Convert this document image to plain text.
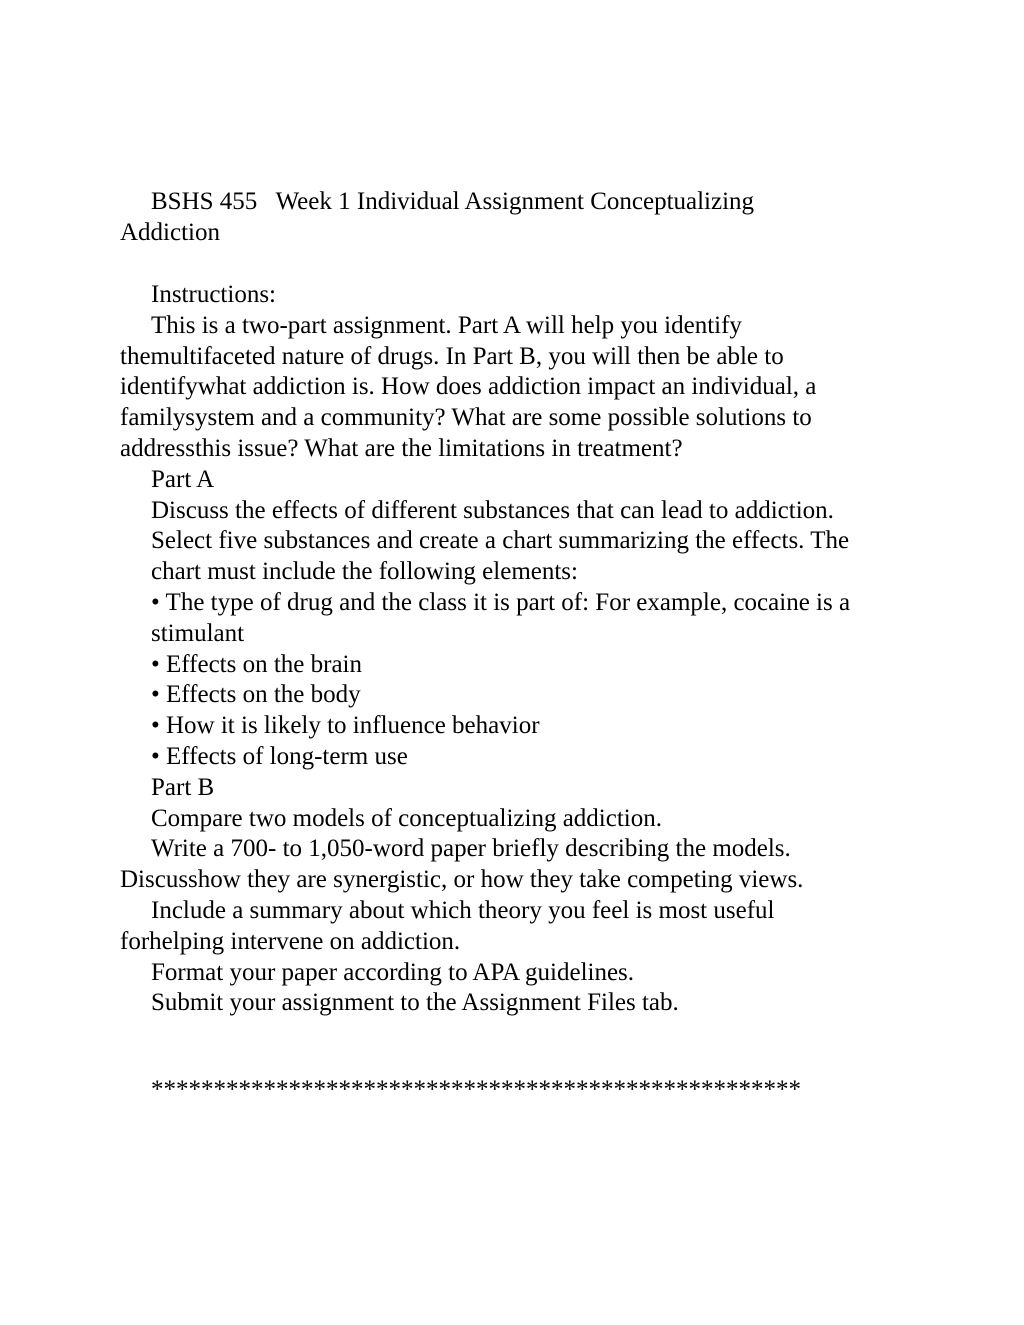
BSHS 455   Week 1 Individual Assignment Conceptualizing
Addiction
Instructions:
This is a two-part assignment. Part A will help you identify
themultifaceted nature of drugs. In Part B, you will then be able to
identifywhat addiction is. How does addiction impact an individual, a
familysystem and a community? What are some possible solutions to
addressthis issue? What are the limitations in treatment?
Part A
Discuss the effects of different substances that can lead to addiction.
Select five substances and create a chart summarizing the effects. The
chart must include the following elements:
• The type of drug and the class it is part of: For example, cocaine is a
stimulant
• Effects on the brain
• Effects on the body
• How it is likely to influence behavior
• Effects of long-term use
Part B
Compare two models of conceptualizing addiction.
Write a 700- to 1,050-word paper briefly describing the models.
Discusshow they are synergistic, or how they take competing views.
Include a summary about which theory you feel is most useful
forhelping intervene on addiction.
Format your paper according to APA guidelines.
Submit your assignment to the Assignment Files tab.
****************************************************
